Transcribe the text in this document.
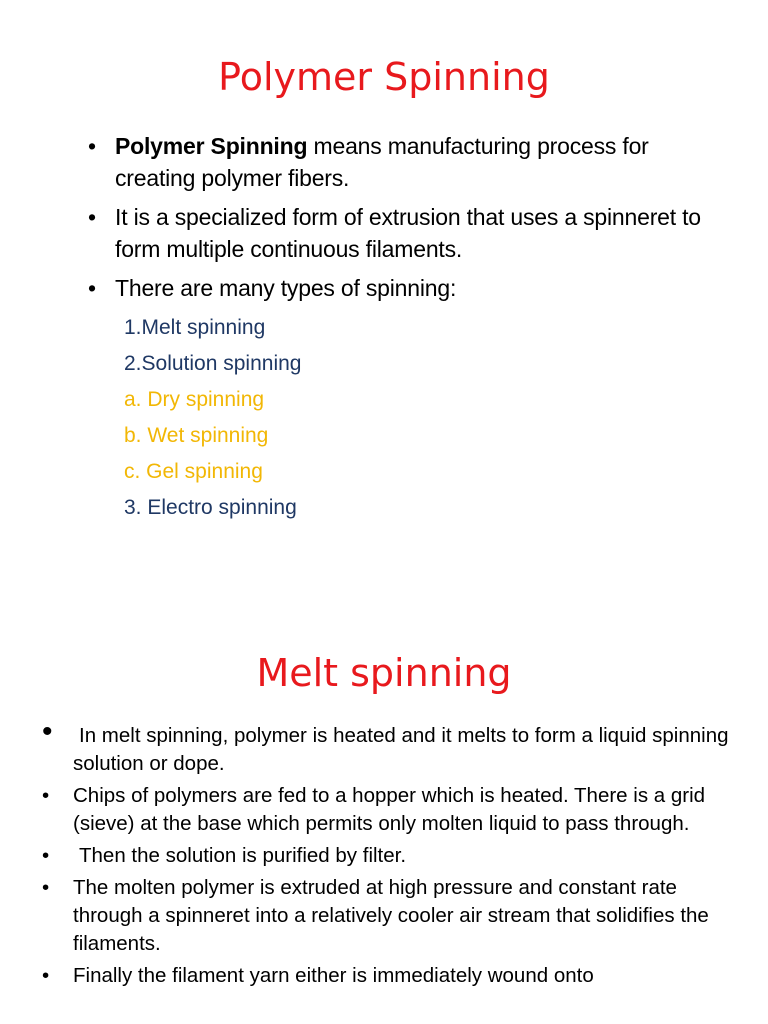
Polymer Spinning
• Polymer Spinning means manufacturing process for creating polymer fibers.
• It is a specialized form of extrusion that uses a spinneret to form multiple continuous filaments.
• There are many types of spinning:
1.Melt spinning
2.Solution spinning
a. Dry spinning
b. Wet spinning
c. Gel spinning
3. Electro spinning
Melt spinning
• In melt spinning, polymer is heated and it melts to form a liquid spinning solution or dope.
• Chips of polymers are fed to a hopper which is heated. There is a grid (sieve) at the base which permits only molten liquid to pass through.
• Then the solution is purified by filter.
• The molten polymer is extruded at high pressure and constant rate through a spinneret into a relatively cooler air stream that solidifies the filaments.
• Finally the filament yarn either is immediately wound onto
